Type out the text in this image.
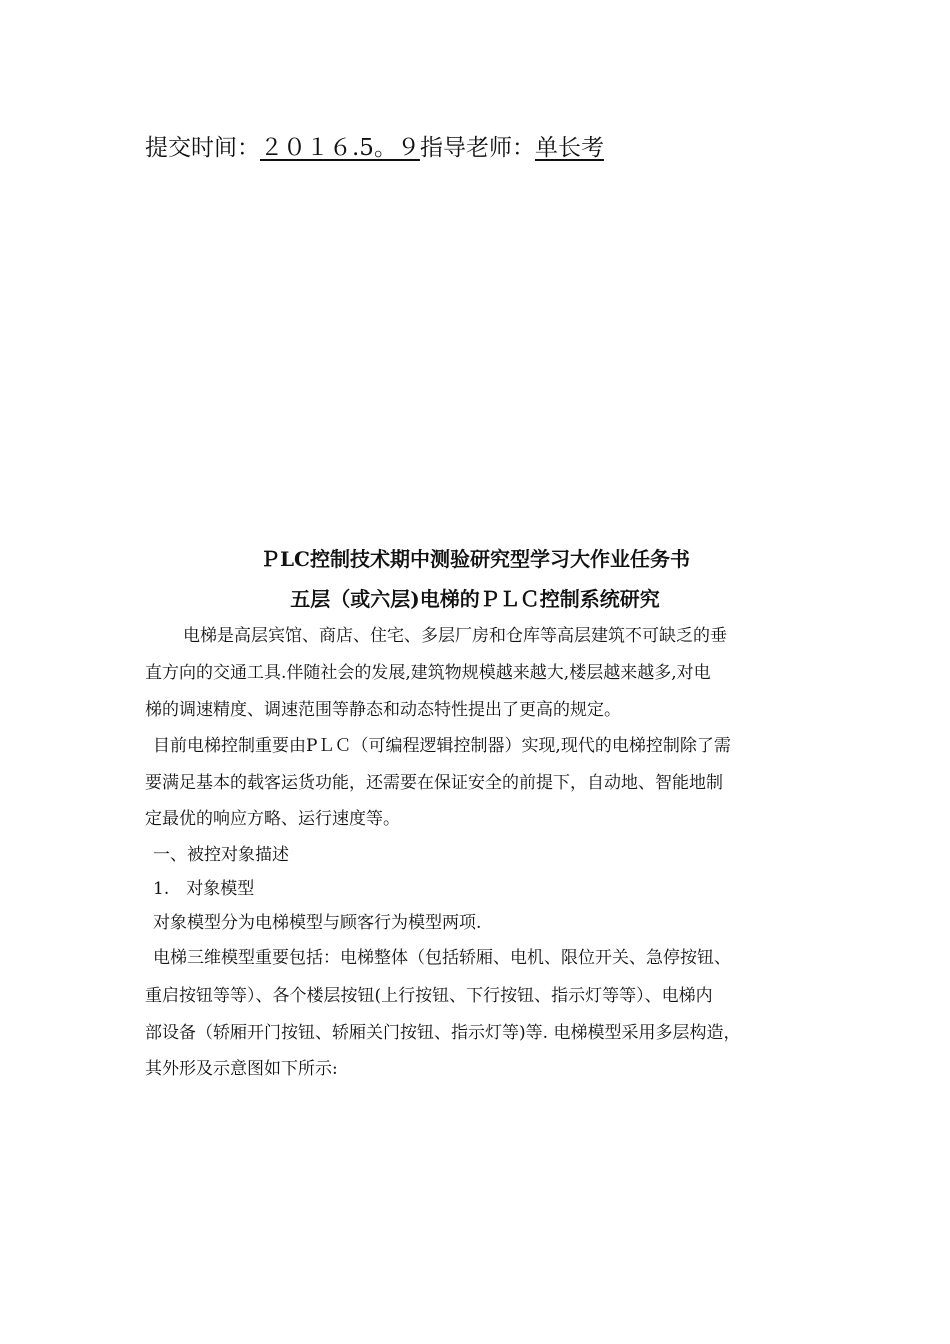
提交时间：２０１６.5。９指导老师：单长考
ＰLC控制技术期中测验研究型学习大作业任务书
五层（或六层)电梯的ＰＬＣ控制系统研究
电梯是高层宾馆、商店、住宅、多层厂房和仓库等高层建筑不可缺乏的垂
直方向的交通工具.伴随社会的发展,建筑物规模越来越大,楼层越来越多,对电
梯的调速精度、调速范围等静态和动态特性提出了更高的规定。
目前电梯控制重要由PＬＣ（可编程逻辑控制器）实现,现代的电梯控制除了需
要满足基本的载客运货功能，还需要在保证安全的前提下，自动地、智能地制
定最优的响应方略、运行速度等。
一、被控对象描述
1.　对象模型
对象模型分为电梯模型与顾客行为模型两项.
电梯三维模型重要包括：电梯整体（包括轿厢、电机、限位开关、急停按钮、
重启按钮等等）、各个楼层按钮(上行按钮、下行按钮、指示灯等等）、电梯内
部设备（轿厢开门按钮、轿厢关门按钮、指示灯等)等. 电梯模型采用多层构造，
其外形及示意图如下所示:
